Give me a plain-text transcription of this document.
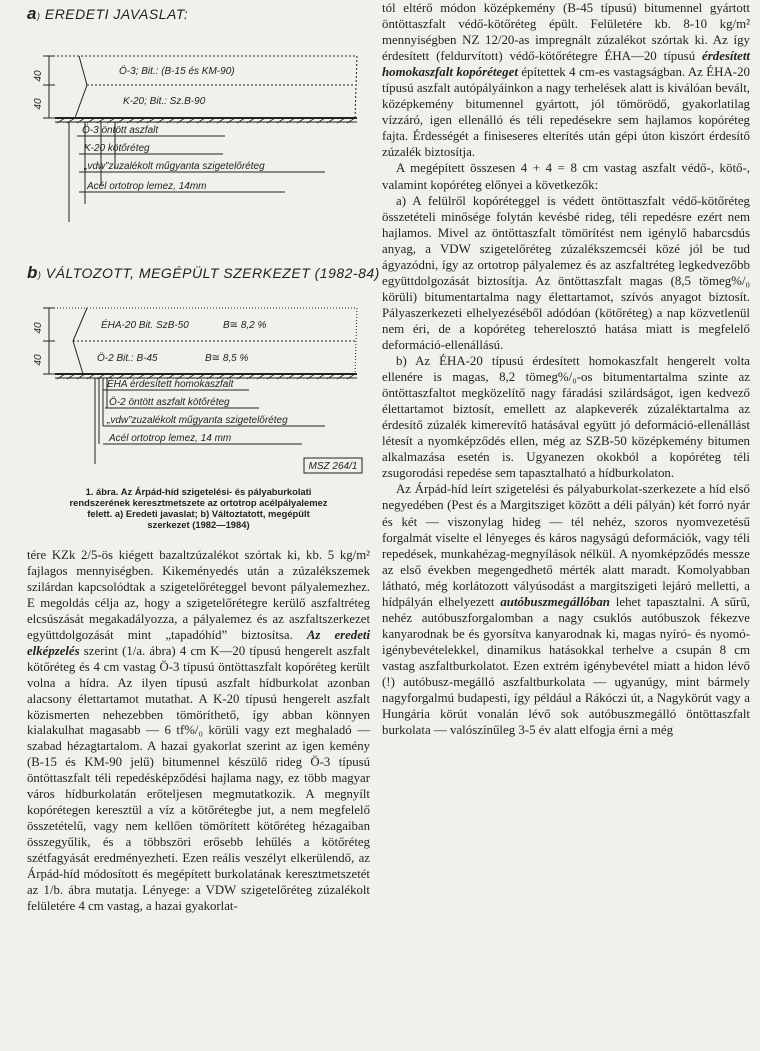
a) EREDETI JAVASLAT:
40
40
Ö-3; Bit.: (B-15 és KM-90)
K-20; Bit.: Sz.B-90
Ö-3 öntött aszfalt
K-20 kötőréteg
„vdw”zuzalékolt műgyanta szigetelőréteg
Acél ortotrop lemez, 14mm
b) VÁLTOZOTT, MEGÉPÜLT SZERKEZET (1982-84)
40
40
ÉHA-20 Bit. SzB-50	B≅ 8,2 %
Ö-2 Bit.: B-45	B≅ 8,5 %
ÉHA érdesített homokaszfalt
Ö-2 öntött aszfalt kötőréteg
„vdw”zuzalékolt műgyanta szigetelőréteg
Acél ortotrop lemez, 14 mm
MSZ 264/1
1. ábra. Az Árpád-híd szigetelési- és pályaburkolati
rendszerének keresztmetszete az ortotrop acélpályalemez
felett. a) Eredeti javaslat; b) Változtatott, megépült
szerkezet (1982—1984)

tére KZk 2/5-ös kiégett bazaltzúzalékot szórtak ki, kb. 5 kg/m² fajlagos mennyiségben. Kikeményedés után a zúzalékszemek szilárdan kapcsolódtak a szigetelőréteggel bevont pályalemezhez. E megoldás célja az, hogy a szigetelőrétegre kerülő aszfaltréteg elcsúszását megakadályozza, a pályalemez és az aszfaltszerkezet együttdolgozását mint „tapadóhíd” biztosítsa. Az eredeti elképzelés szerint (1/a. ábra) 4 cm K—20 típusú hengerelt aszfalt kötőréteg és 4 cm vastag Ö-3 típusú öntöttaszfalt kopóréteg került volna a hídra. Az ilyen típusú aszfalt hídburkolat azonban alacsony élettartamot mutathat. A K-20 típusú hengerelt aszfalt közismerten nehezebben tömöríthető, így abban könnyen kialakulhat magasabb — 6 tf%/₀ körüli vagy ezt meghaladó — szabad hézagtartalom. A hazai gyakorlat szerint az igen kemény (B-15 és KM-90 jelű) bitumennel készülő rideg Ö-3 típusú öntöttaszfalt téli repedésképződési hajlama nagy, ez több magyar város hídburkolatán erőteljesen megmutatkozik. A megnyílt kopórétegen keresztül a víz a kötőrétegbe jut, a nem megfelelő összetételű, vagy nem kellően tömörített kötőréteg hézagaiban összegyűlik, és a többszöri erősebb lehűlés a kötőréteg szétfagyását eredményezheti. Ezen reális veszélyt elkerülendő, az Árpád-híd módosított és megépített burkolatának keresztmetszetét az 1/b. ábra mutatja. Lényege: a VDW szigetelőréteg zúzalékolt felületére 4 cm vastag, a hazai gyakorlat-

tól eltérő módon középkemény (B-45 típusú) bitumennel gyártott öntöttaszfalt védő-kötőréteg épült. Felületére kb. 8-10 kg/m² mennyiségben NZ 12/20-as impregnált zúzalékot szórtak ki. Az így érdesített (feldurvított) védő-kötőrétegre ÉHA—20 típusú érdesített homokaszfalt kopóréteget építettek 4 cm-es vastagságban. Az ÉHA-20 típusú aszfalt autópályáinkon a nagy terhelések alatt is kiválóan bevált, középkemény bitumennel gyártott, jól tömörödő, gyakorlatilag vízzáró, igen ellenálló és téli repedésekre sem hajlamos kopóréteg fajta. Érdességét a finiseseres elterítés után gépi úton kiszórt érdesítő zúzalék biztosítja.

A megépített összesen 4 + 4 = 8 cm vastag aszfalt védő-, kötő-, valamint kopóréteg előnyei a következők:

a) A felülről kopóréteggel is védett öntöttaszfalt védő-kötőréteg összetételi minősége folytán kevésbé rideg, téli repedésre ezért nem hajlamos. Mivel az öntöttaszfalt tömörítést nem igénylő habarcsdús anyag, a VDW szigetelőréteg zúzalékszemcséi közé jól be tud ágyazódni, így az ortotrop pályalemez és az aszfaltréteg legkedvezőbb együttdolgozását biztosítja. Az öntöttaszfalt magas (8,5 tömeg%/₀ körüli) bitumentartalma nagy élettartamot, szívós anyagot biztosít. Pályaszerkezeti elhelyezéséből adódóan (kötőréteg) a nap közvetlenül nem éri, de a kopóréteg teherelosztó hatása miatt is megfelelő deformáció-ellenállású.

b) Az ÉHA-20 típusú érdesített homokaszfalt hengerelt volta ellenére is magas, 8,2 tömeg%/₀-os bitumentartalma szinte az öntöttaszfaltot megközelítő nagy fáradási szilárdságot, igen kedvező élettartamot biztosít, emellett az alapkeverék zúzaléktartalma az érdesítő zúzalék kimerevítő hatásával együtt jó deformáció-ellenállást létesít a nyomképződés ellen, még az SZB-50 középkemény bitumen alkalmazása esetén is. Ugyanezen okokból a kopóréteg téli zsugorodási repedése sem tapasztalható a hídburkolaton.

Az Árpád-híd leírt szigetelési és pályaburkolat-szerkezete a híd első negyedében (Pest és a Margitsziget között a déli pályán) két forró nyár és két — viszonylag hideg — tél nehéz, szoros nyomvezetésű forgalmát viselte el lényeges és káros nagyságú deformációk, vagy téli repedések, munkahézag-megnyílások nélkül. A nyomképződés messze az első években megengedhető mérték alatt maradt. Komolyabban látható, még korlátozott vályúsodást a margitszigeti lejáró melletti, a hídpályán elhelyezett autóbuszmegállóban lehet tapasztalni. A sűrű, nehéz autóbuszforgalomban a nagy csuklós autóbuszok fékezve kanyarodnak be és gyorsítva kanyarodnak ki, magas nyíró- és nyomó-igénybevételekkel, dinamikus hatásokkal terhelve a csupán 8 cm vastag aszfaltburkolatot. Ezen extrém igénybevétel miatt a hidon lévő (!) autóbusz-megálló aszfaltburkolata — ugyanúgy, mint bármely nagyforgalmú budapesti, így például a Rákóczi út, a Nagykörút vagy a Hungária körút vonalán lévő sok autóbuszmegálló öntöttaszfalt burkolata — valószínűleg 3-5 év alatt elfogja érni a még
